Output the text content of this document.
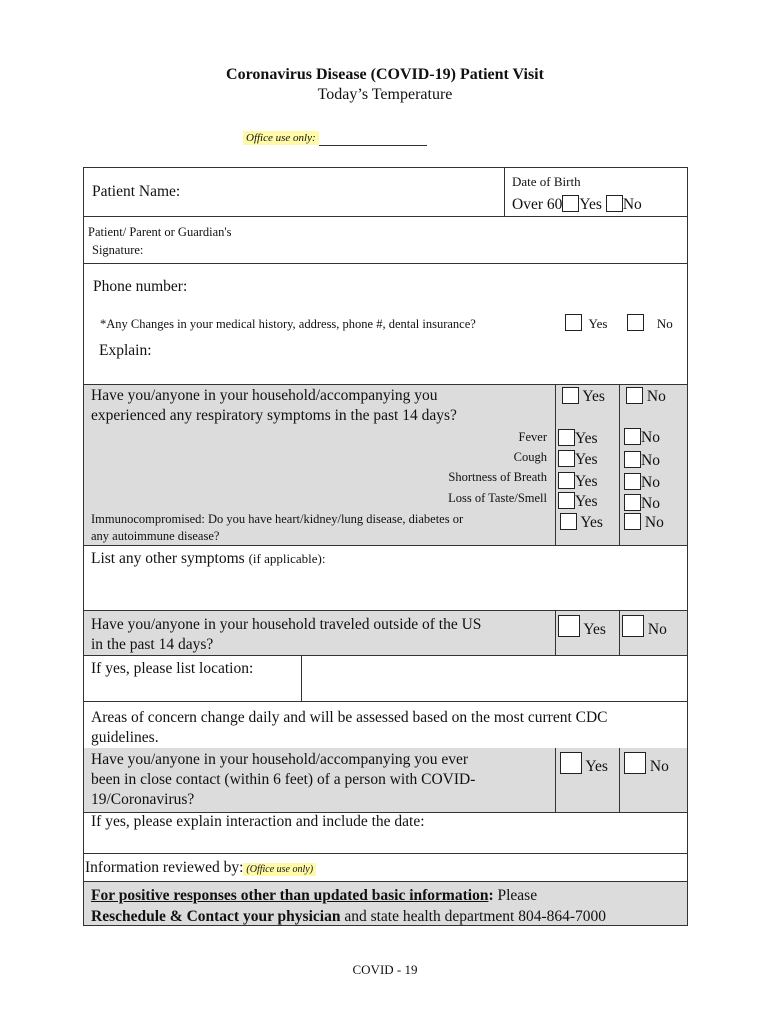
Coronavirus Disease (COVID-19) Patient Visit
Today’s Temperature
Office use only:
Patient Name:
Date of Birth
Over 60 Yes No
Patient/ Parent or Guardian's
Signature:
Phone number:
*Any Changes in your medical history, address, phone #, dental insurance?	Yes	No
Explain:
Have you/anyone in your household/accompanying you
experienced any respiratory symptoms in the past 14 days?
Yes	No
Fever	Yes	No
Cough	Yes	No
Shortness of Breath	Yes	No
Loss of Taste/Smell	Yes	No
Immunocompromised: Do you have heart/kidney/lung disease, diabetes or
any autoimmune disease?
Yes	No
List any other symptoms (if applicable):
Have you/anyone in your household traveled outside of the US
in the past 14 days?
Yes	No
If yes, please list location:
Areas of concern change daily and will be assessed based on the most current CDC
guidelines.
Have you/anyone in your household/accompanying you ever
been in close contact (within 6 feet) of a person with COVID-
19/Coronavirus?
Yes	No
If yes, please explain interaction and include the date:
Information reviewed by: (Office use only)
For positive responses other than updated basic information: Please
Reschedule & Contact your physician and state health department 804-864-7000
COVID - 19
